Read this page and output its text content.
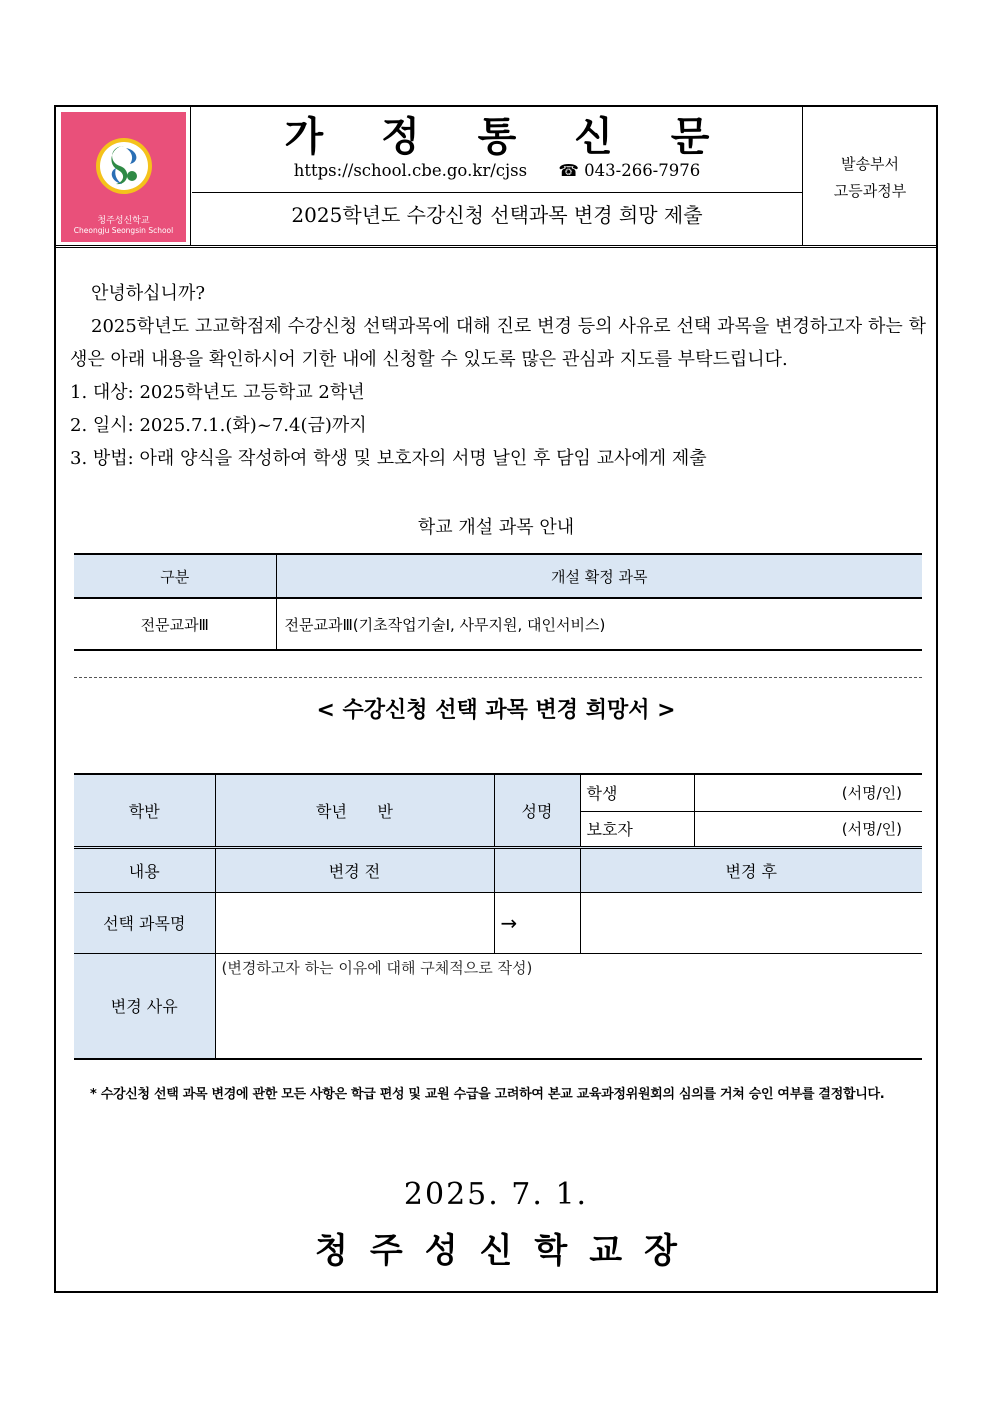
청주성신학교
Cheongju Seongsin School
가 정 통 신 문
https://school.cbe.go.kr/cjss ☎ 043-266-7976
2025학년도 수강신청 선택과목 변경 희망 제출
발송부서
고등과정부
안녕하십니까?
2025학년도 고교학점제 수강신청 선택과목에 대해 진로 변경 등의 사유로 선택 과목을 변경하고자 하는 학생은 아래 내용을 확인하시어 기한 내에 신청할 수 있도록 많은 관심과 지도를 부탁드립니다.
1. 대상: 2025학년도 고등학교 2학년
2. 일시: 2025.7.1.(화)~7.4(금)까지
3. 방법: 아래 양식을 작성하여 학생 및 보호자의 서명 날인 후 담임 교사에게 제출
학교 개설 과목 안내
구분	개설 확정 과목
전문교과Ⅲ	전문교과Ⅲ(기초작업기술Ⅰ, 사무지원, 대인서비스)
< 수강신청 선택 과목 변경 희망서 >
학반	학년      반	성명	학생	(서명/인)
			보호자	(서명/인)
내용	변경 전		변경 후	
선택 과목명		→		
변경 사유	(변경하고자 하는 이유에 대해 구체적으로 작성)			
* 수강신청 선택 과목 변경에 관한 모든 사항은 학급 편성 및 교원 수급을 고려하여 본교 교육과정위원회의 심의를 거쳐 승인 여부를 결정합니다.
2025. 7. 1.
청주성신학교장
